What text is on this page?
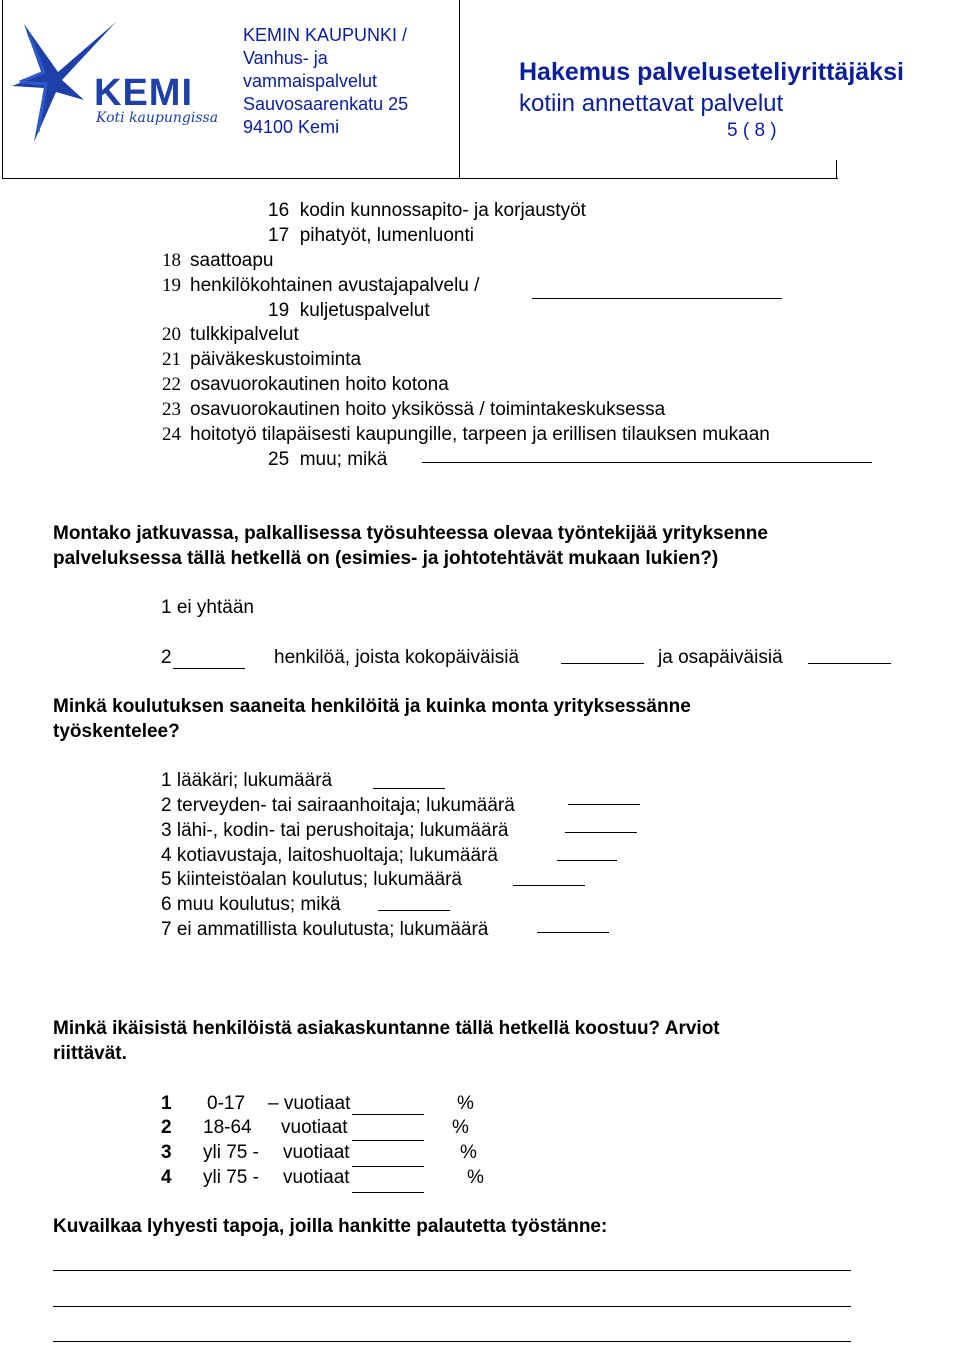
KEMI
Koti kaupungissa
KEMIN KAUPUNKI /
Vanhus- ja
vammaispalvelut
Sauvosaarenkatu 25
94100 Kemi
Hakemus palveluseteliyrittäjäksi
kotiin annettavat palvelut
5 ( 8 )
16 kodin kunnossapito- ja korjaustyöt
17 pihatyöt, lumenluonti
18 saattoapu
19 henkilökohtainen avustajapalvelu /
19 kuljetuspalvelut
20 tulkkipalvelut
21 päiväkeskustoiminta
22 osavuorokautinen hoito kotona
23 osavuorokautinen hoito yksikössä / toimintakeskuksessa
24 hoitotyö tilapäisesti kaupungille, tarpeen ja erillisen tilauksen mukaan
25 muu; mikä
Montako jatkuvassa, palkallisessa työsuhteessa olevaa työntekijää yrityksenne
palveluksessa tällä hetkellä on (esimies- ja johtotehtävät mukaan lukien?)
1 ei yhtään
2	henkilöä, joista kokopäiväisiä	ja osapäiväisiä
Minkä koulutuksen saaneita henkilöitä ja kuinka monta yrityksessänne
työskentelee?
1 lääkäri; lukumäärä
2 terveyden- tai sairaanhoitaja; lukumäärä
3 lähi-, kodin- tai perushoitaja; lukumäärä
4 kotiavustaja, laitoshuoltaja; lukumäärä
5 kiinteistöalan koulutus; lukumäärä
6 muu koulutus; mikä
7 ei ammatillista koulutusta; lukumäärä
Minkä ikäisistä henkilöistä asiakaskuntanne tällä hetkellä koostuu? Arviot
riittävät.
1 0-17 – vuotiaat	%
2 18-64 vuotiaat	%
3 yli 75 - vuotiaat	%
4 yli 75 - vuotiaat	%
Kuvailkaa lyhyesti tapoja, joilla hankitte palautetta työstänne:
